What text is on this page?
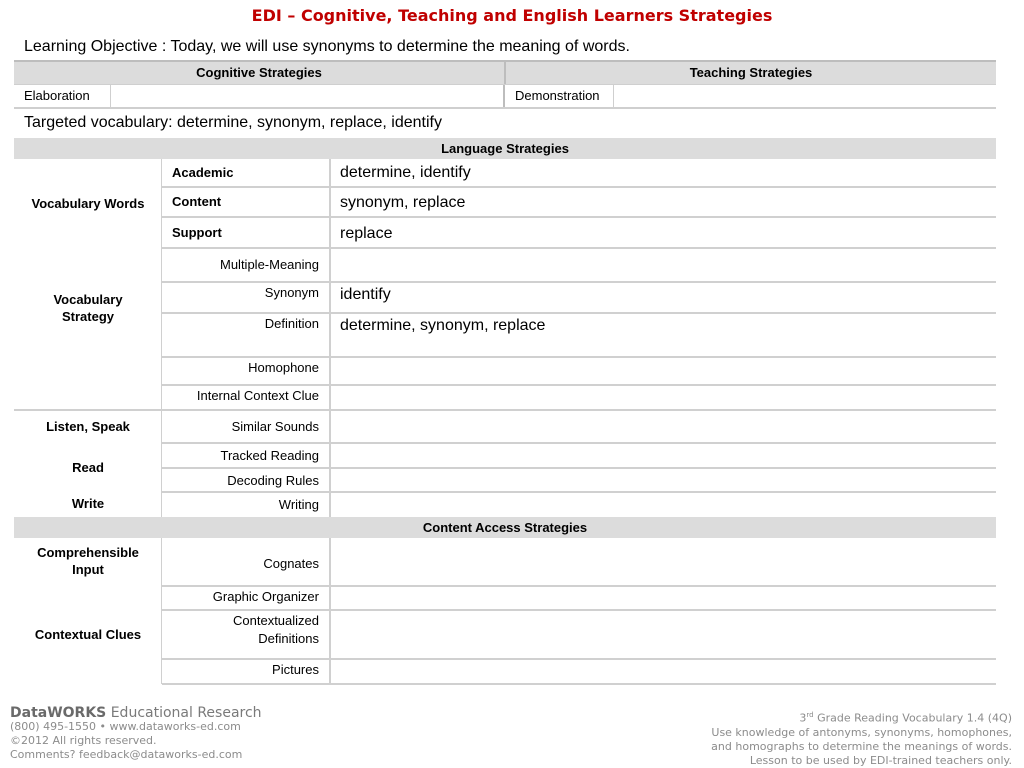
EDI – Cognitive, Teaching and English Learners Strategies
Learning Objective : Today, we will use synonyms to determine the meaning of words.
Cognitive Strategies	Teaching Strategies
Elaboration	Demonstration
Targeted vocabulary: determine, synonym, replace, identify
Language Strategies
Vocabulary Words
Vocabulary
Strategy
Listen, Speak
Read
Write
Academic
Content
Support
Multiple-Meaning
Synonym
Definition
Homophone
Internal Context Clue
Similar Sounds
Tracked Reading
Decoding Rules
Writing
determine, identify
synonym, replace
replace
identify
determine, synonym, replace
Content Access Strategies
Comprehensible
Input
Contextual Clues
Cognates
Graphic Organizer
Contextualized
Definitions
Pictures
DataWORKS Educational Research
(800) 495-1550 • www.dataworks-ed.com
©2012 All rights reserved.
Comments? feedback@dataworks-ed.com
3rd Grade Reading Vocabulary 1.4 (4Q)
Use knowledge of antonyms, synonyms, homophones,
and homographs to determine the meanings of words.
Lesson to be used by EDI-trained teachers only.
